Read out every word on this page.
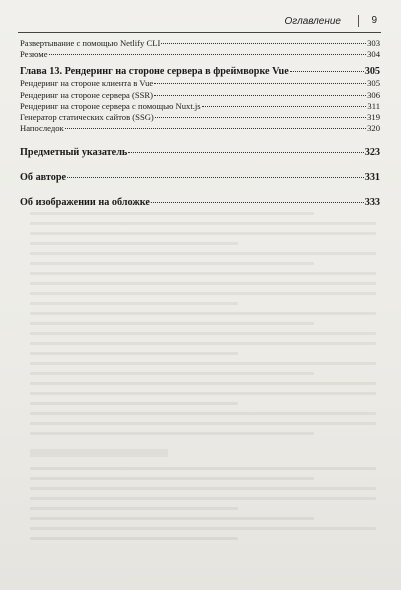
Оглавление	9
Развертывание с помощью Netlify CLI	303
Резюме	304
Глава 13. Рендеринг на стороне сервера в фреймворке Vue	305
Рендеринг на стороне клиента в Vue	305
Рендеринг на стороне сервера (SSR)	306
Рендеринг на стороне сервера с помощью Nuxt.js	311
Генератор статических сайтов (SSG)	319
Напоследок	320
Предметный указатель	323
Об авторе	331
Об изображении на обложке	333
